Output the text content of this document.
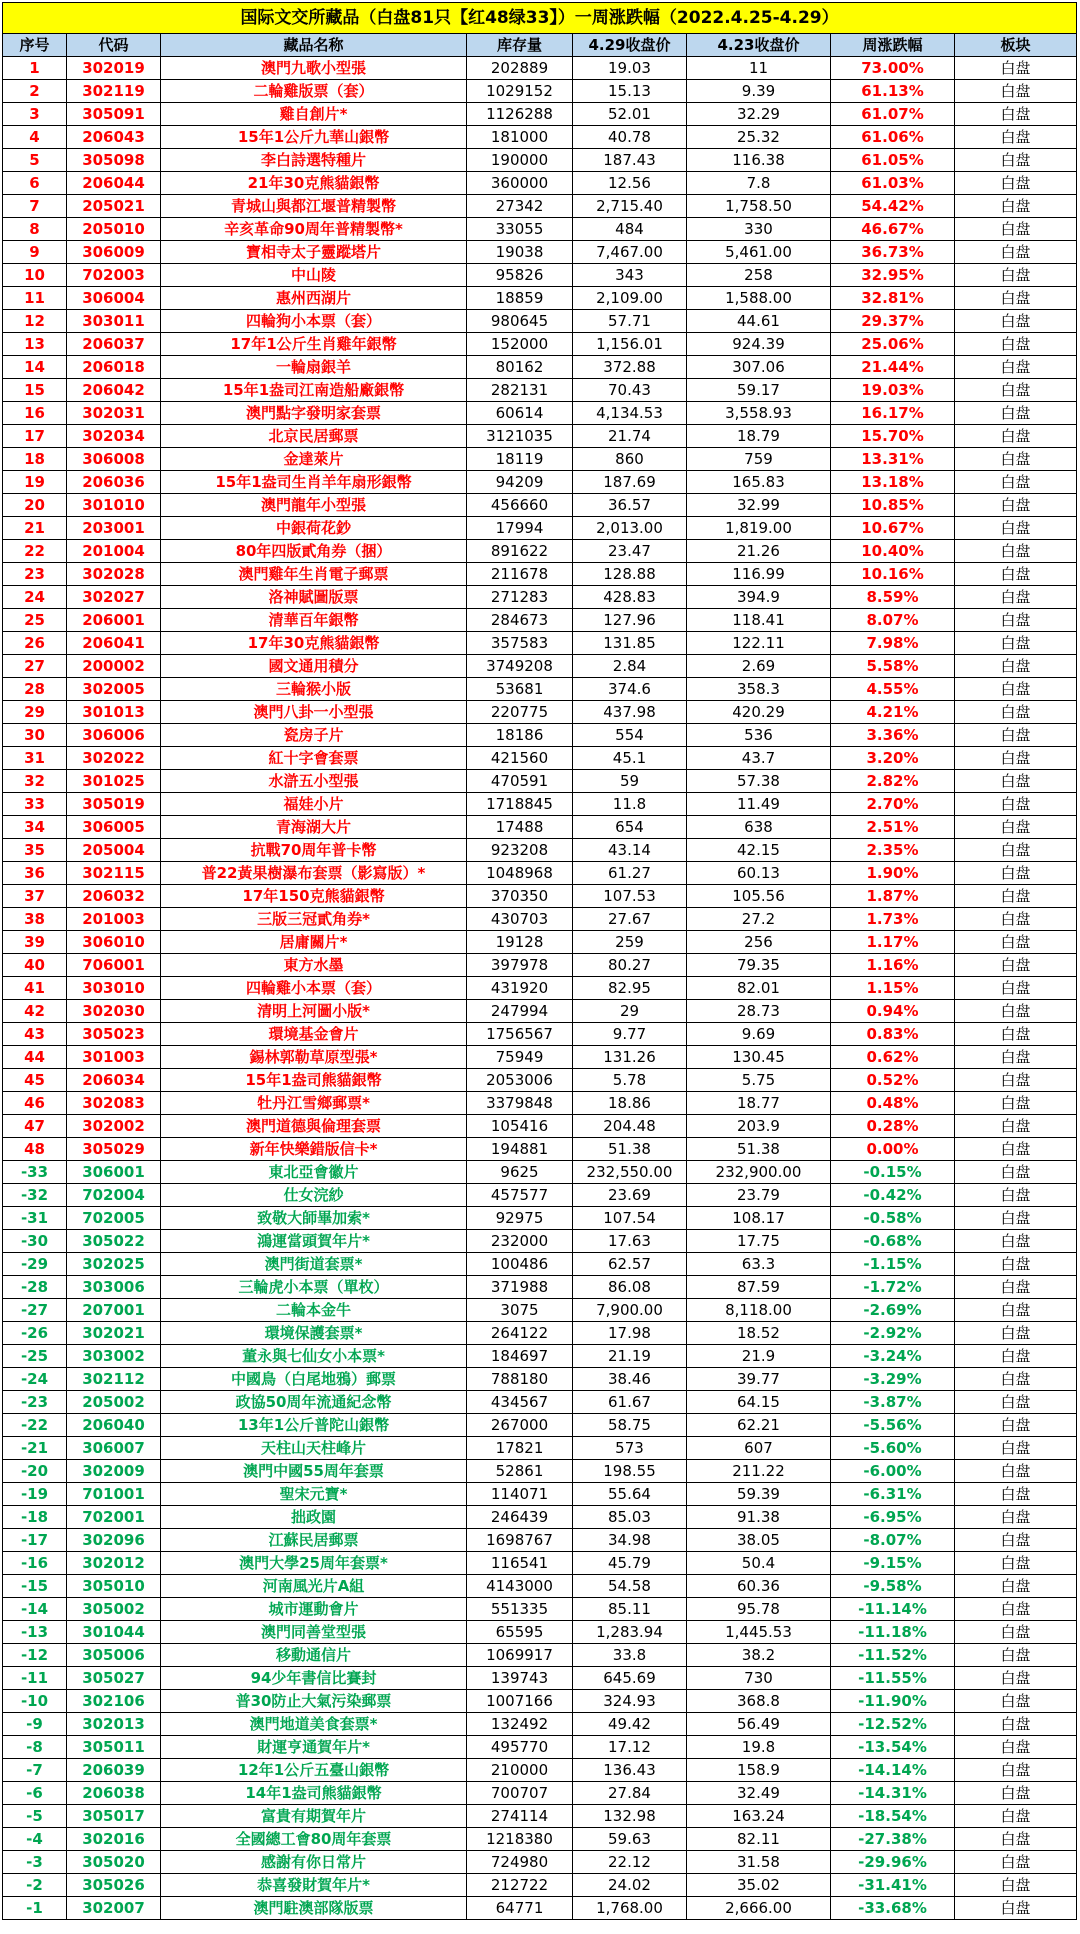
国际文交所藏品（白盘81只【红48绿33】）一周涨跌幅（2022.4.25-4.29）							
序号	代码	藏品名称	库存量	4.29收盘价	4.23收盘价	周涨跌幅	板块
1	302019	澳門九歌小型張	202889	19.03	11	73.00%	白盘
2	302119	二輪雞版票（套）	1029152	15.13	9.39	61.13%	白盘
3	305091	雞自創片*	1126288	52.01	32.29	61.07%	白盘
4	206043	15年1公斤九華山銀幣	181000	40.78	25.32	61.06%	白盘
5	305098	李白詩選特種片	190000	187.43	116.38	61.05%	白盘
6	206044	21年30克熊貓銀幣	360000	12.56	7.8	61.03%	白盘
7	205021	青城山與都江堰普精製幣	27342	2,715.40	1,758.50	54.42%	白盘
8	205010	辛亥革命90周年普精製幣*	33055	484	330	46.67%	白盘
9	306009	寶相寺太子靈蹤塔片	19038	7,467.00	5,461.00	36.73%	白盘
10	702003	中山陵	95826	343	258	32.95%	白盘
11	306004	惠州西湖片	18859	2,109.00	1,588.00	32.81%	白盘
12	303011	四輪狗小本票（套）	980645	57.71	44.61	29.37%	白盘
13	206037	17年1公斤生肖雞年銀幣	152000	1,156.01	924.39	25.06%	白盘
14	206018	一輪扇銀羊	80162	372.88	307.06	21.44%	白盘
15	206042	15年1盎司江南造船廠銀幣	282131	70.43	59.17	19.03%	白盘
16	302031	澳門點字發明家套票	60614	4,134.53	3,558.93	16.17%	白盘
17	302034	北京民居郵票	3121035	21.74	18.79	15.70%	白盘
18	306008	金達萊片	18119	860	759	13.31%	白盘
19	206036	15年1盎司生肖羊年扇形銀幣	94209	187.69	165.83	13.18%	白盘
20	301010	澳門龍年小型張	456660	36.57	32.99	10.85%	白盘
21	203001	中銀荷花鈔	17994	2,013.00	1,819.00	10.67%	白盘
22	201004	80年四版貳角券（捆）	891622	23.47	21.26	10.40%	白盘
23	302028	澳門雞年生肖電子郵票	211678	128.88	116.99	10.16%	白盘
24	302027	洛神賦圖版票	271283	428.83	394.9	8.59%	白盘
25	206001	清華百年銀幣	284673	127.96	118.41	8.07%	白盘
26	206041	17年30克熊貓銀幣	357583	131.85	122.11	7.98%	白盘
27	200002	國文通用積分	3749208	2.84	2.69	5.58%	白盘
28	302005	三輪猴小版	53681	374.6	358.3	4.55%	白盘
29	301013	澳門八卦一小型張	220775	437.98	420.29	4.21%	白盘
30	306006	瓷房子片	18186	554	536	3.36%	白盘
31	302022	紅十字會套票	421560	45.1	43.7	3.20%	白盘
32	301025	水滸五小型張	470591	59	57.38	2.82%	白盘
33	305019	福娃小片	1718845	11.8	11.49	2.70%	白盘
34	306005	青海湖大片	17488	654	638	2.51%	白盘
35	205004	抗戰70周年普卡幣	923208	43.14	42.15	2.35%	白盘
36	302115	普22黃果樹瀑布套票（影寫版）*	1048968	61.27	60.13	1.90%	白盘
37	206032	17年150克熊貓銀幣	370350	107.53	105.56	1.87%	白盘
38	201003	三版三冠貳角券*	430703	27.67	27.2	1.73%	白盘
39	306010	居庸關片*	19128	259	256	1.17%	白盘
40	706001	東方水墨	397978	80.27	79.35	1.16%	白盘
41	303010	四輪雞小本票（套）	431920	82.95	82.01	1.15%	白盘
42	302030	清明上河圖小版*	247994	29	28.73	0.94%	白盘
43	305023	環境基金會片	1756567	9.77	9.69	0.83%	白盘
44	301003	錫林郭勒草原型張*	75949	131.26	130.45	0.62%	白盘
45	206034	15年1盎司熊貓銀幣	2053006	5.78	5.75	0.52%	白盘
46	302083	牡丹江雪鄉郵票*	3379848	18.86	18.77	0.48%	白盘
47	302002	澳門道德與倫理套票	105416	204.48	203.9	0.28%	白盘
48	305029	新年快樂錯版信卡*	194881	51.38	51.38	0.00%	白盘
-33	306001	東北亞會徽片	9625	232,550.00	232,900.00	-0.15%	白盘
-32	702004	仕女浣紗	457577	23.69	23.79	-0.42%	白盘
-31	702005	致敬大師畢加索*	92975	107.54	108.17	-0.58%	白盘
-30	305022	鴻運當頭賀年片*	232000	17.63	17.75	-0.68%	白盘
-29	302025	澳門街道套票*	100486	62.57	63.3	-1.15%	白盘
-28	303006	三輪虎小本票（單枚）	371988	86.08	87.59	-1.72%	白盘
-27	207001	二輪本金牛	3075	7,900.00	8,118.00	-2.69%	白盘
-26	302021	環境保護套票*	264122	17.98	18.52	-2.92%	白盘
-25	303002	董永與七仙女小本票*	184697	21.19	21.9	-3.24%	白盘
-24	302112	中國鳥（白尾地鴉）郵票	788180	38.46	39.77	-3.29%	白盘
-23	205002	政協50周年流通紀念幣	434567	61.67	64.15	-3.87%	白盘
-22	206040	13年1公斤普陀山銀幣	267000	58.75	62.21	-5.56%	白盘
-21	306007	天柱山天柱峰片	17821	573	607	-5.60%	白盘
-20	302009	澳門中國55周年套票	52861	198.55	211.22	-6.00%	白盘
-19	701001	聖宋元寶*	114071	55.64	59.39	-6.31%	白盘
-18	702001	拙政園	246439	85.03	91.38	-6.95%	白盘
-17	302096	江蘇民居郵票	1698767	34.98	38.05	-8.07%	白盘
-16	302012	澳門大學25周年套票*	116541	45.79	50.4	-9.15%	白盘
-15	305010	河南風光片A組	4143000	54.58	60.36	-9.58%	白盘
-14	305002	城市運動會片	551335	85.11	95.78	-11.14%	白盘
-13	301044	澳門同善堂型張	65595	1,283.94	1,445.53	-11.18%	白盘
-12	305006	移動通信片	1069917	33.8	38.2	-11.52%	白盘
-11	305027	94少年書信比賽封	139743	645.69	730	-11.55%	白盘
-10	302106	普30防止大氣污染郵票	1007166	324.93	368.8	-11.90%	白盘
-9	302013	澳門地道美食套票*	132492	49.42	56.49	-12.52%	白盘
-8	305011	財運亨通賀年片*	495770	17.12	19.8	-13.54%	白盘
-7	206039	12年1公斤五臺山銀幣	210000	136.43	158.9	-14.14%	白盘
-6	206038	14年1盎司熊貓銀幣	700707	27.84	32.49	-14.31%	白盘
-5	305017	富貴有期賀年片	274114	132.98	163.24	-18.54%	白盘
-4	302016	全國總工會80周年套票	1218380	59.63	82.11	-27.38%	白盘
-3	305020	感謝有你日常片	724980	22.12	31.58	-29.96%	白盘
-2	305026	恭喜發財賀年片*	212722	24.02	35.02	-31.41%	白盘
-1	302007	澳門駐澳部隊版票	64771	1,768.00	2,666.00	-33.68%	白盘
